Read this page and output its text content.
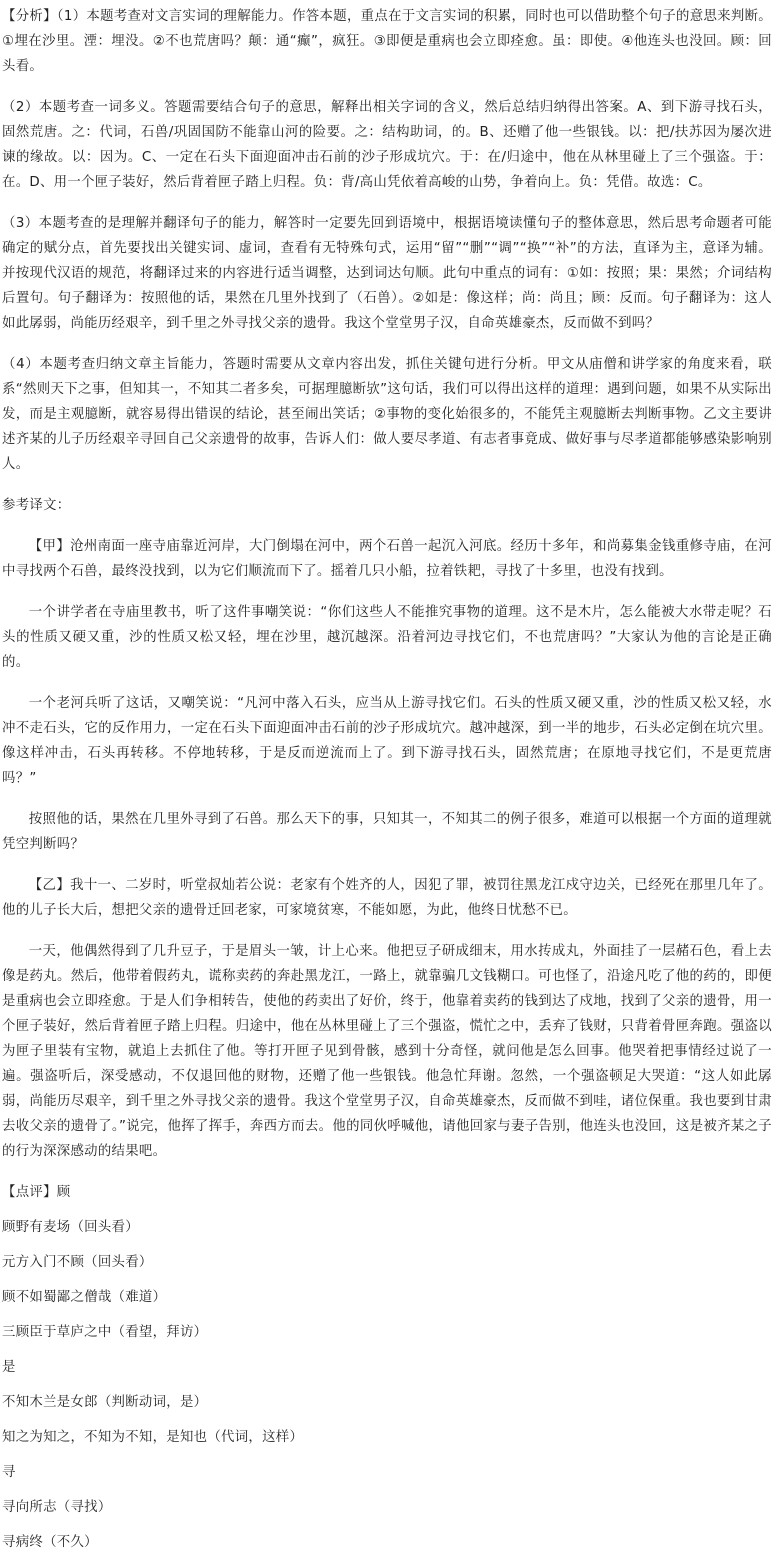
【分析】（1）本题考查对文言实词的理解能力。作答本题，重点在于文言实词的积累，同时也可以借助整个句子的意思来判断。①埋在沙里。湮：埋没。②不也荒唐吗？颠：通“癫”，疯狂。③即便是重病也会立即痊愈。虽：即使。④他连头也没回。顾：回头看。

（2）本题考查一词多义。答题需要结合句子的意思，解释出相关字词的含义，然后总结归纳得出答案。A、到下游寻找石头，固然荒唐。之：代词，石兽/巩固国防不能靠山河的险要。之：结构助词，的。B、还赠了他一些银钱。以：把/扶苏因为屡次进谏的缘故。以：因为。C、一定在石头下面迎面冲击石前的沙子形成坑穴。于：在/归途中，他在从林里碰上了三个强盗。于：在。D、用一个匣子装好，然后背着匣子踏上归程。负：背/高山凭依着高峻的山势，争着向上。负：凭借。故选：C。

（3）本题考查的是理解并翻译句子的能力，解答时一定要先回到语境中，根据语境读懂句子的整体意思，然后思考命题者可能确定的赋分点，首先要找出关键实词、虚词，查看有无特殊句式，运用“留”“删”“调”“换”“补”的方法，直译为主，意译为辅。并按现代汉语的规范，将翻译过来的内容进行适当调整，达到词达句顺。此句中重点的词有：①如：按照；果：果然；介词结构后置句。句子翻译为：按照他的话，果然在几里外找到了（石兽）。②如是：像这样；尚：尚且；顾：反而。句子翻译为：这人如此孱弱，尚能历经艰辛，到千里之外寻找父亲的遗骨。我这个堂堂男子汉，自命英雄豪杰，反而做不到吗？

（4）本题考查归纳文章主旨能力，答题时需要从文章内容出发，抓住关键句进行分析。甲文从庙僧和讲学家的角度来看，联系“然则天下之事，但知其一，不知其二者多矣，可据理臆断欤”这句话，我们可以得出这样的道理：遇到问题，如果不从实际出发，而是主观臆断，就容易得出错误的结论，甚至闹出笑话；②事物的变化始很多的，不能凭主观臆断去判断事物。乙文主要讲述齐某的儿子历经艰辛寻回自己父亲遗骨的故事，告诉人们：做人要尽孝道、有志者事竟成、做好事与尽孝道都能够感染影响别人。

参考译文：

【甲】沧州南面一座寺庙靠近河岸，大门倒塌在河中，两个石兽一起沉入河底。经历十多年，和尚募集金钱重修寺庙，在河中寻找两个石兽，最终没找到，以为它们顺流而下了。摇着几只小船，拉着铁耙，寻找了十多里，也没有找到。

一个讲学者在寺庙里教书，听了这件事嘲笑说：“你们这些人不能推究事物的道理。这不是木片，怎么能被大水带走呢？石头的性质又硬又重，沙的性质又松又轻，埋在沙里，越沉越深。沿着河边寻找它们，不也荒唐吗？”大家认为他的言论是正确的。

一个老河兵听了这话，又嘲笑说：“凡河中落入石头，应当从上游寻找它们。石头的性质又硬又重，沙的性质又松又轻，水冲不走石头，它的反作用力，一定在石头下面迎面冲击石前的沙子形成坑穴。越冲越深，到一半的地步，石头必定倒在坑穴里。像这样冲击，石头再转移。不停地转移，于是反而逆流而上了。到下游寻找石头，固然荒唐；在原地寻找它们，不是更荒唐吗？”

按照他的话，果然在几里外寻到了石兽。那么天下的事，只知其一，不知其二的例子很多，难道可以根据一个方面的道理就凭空判断吗？

【乙】我十一、二岁时，听堂叔灿若公说：老家有个姓齐的人，因犯了罪，被罚往黑龙江戍守边关，已经死在那里几年了。他的儿子长大后，想把父亲的遗骨迁回老家，可家境贫寒，不能如愿，为此，他终日忧愁不已。

一天，他偶然得到了几升豆子，于是眉头一皱，计上心来。他把豆子研成细末，用水抟成丸，外面挂了一层赭石色，看上去像是药丸。然后，他带着假药丸，谎称卖药的奔赴黑龙江，一路上，就靠骗几文钱糊口。可也怪了，沿途凡吃了他的药的，即便是重病也会立即痊愈。于是人们争相转告，使他的药卖出了好价，终于，他靠着卖药的钱到达了戍地，找到了父亲的遗骨，用一个匣子装好，然后背着匣子踏上归程。归途中，他在丛林里碰上了三个强盗，慌忙之中，丢弃了钱财，只背着骨匣奔跑。强盗以为匣子里装有宝物，就追上去抓住了他。等打开匣子见到骨骸，感到十分奇怪，就问他是怎么回事。他哭着把事情经过说了一遍。强盗听后，深受感动，不仅退回他的财物，还赠了他一些银钱。他急忙拜谢。忽然，一个强盗顿足大哭道：“这人如此孱弱，尚能历尽艰辛，到千里之外寻找父亲的遗骨。我这个堂堂男子汉，自命英雄豪杰，反而做不到哇，诸位保重。我也要到甘肃去收父亲的遗骨了。”说完，他挥了挥手，奔西方而去。他的同伙呼喊他，请他回家与妻子告别，他连头也没回，这是被齐某之子的行为深深感动的结果吧。

【点评】顾

顾野有麦场（回头看）

元方入门不顾（回头看）

顾不如蜀鄙之僧哉（难道）

三顾臣于草庐之中（看望，拜访）

是

不知木兰是女郎（判断动词，是）

知之为知之，不知为不知，是知也（代词，这样）

寻

寻向所志（寻找）

寻病终（不久）
